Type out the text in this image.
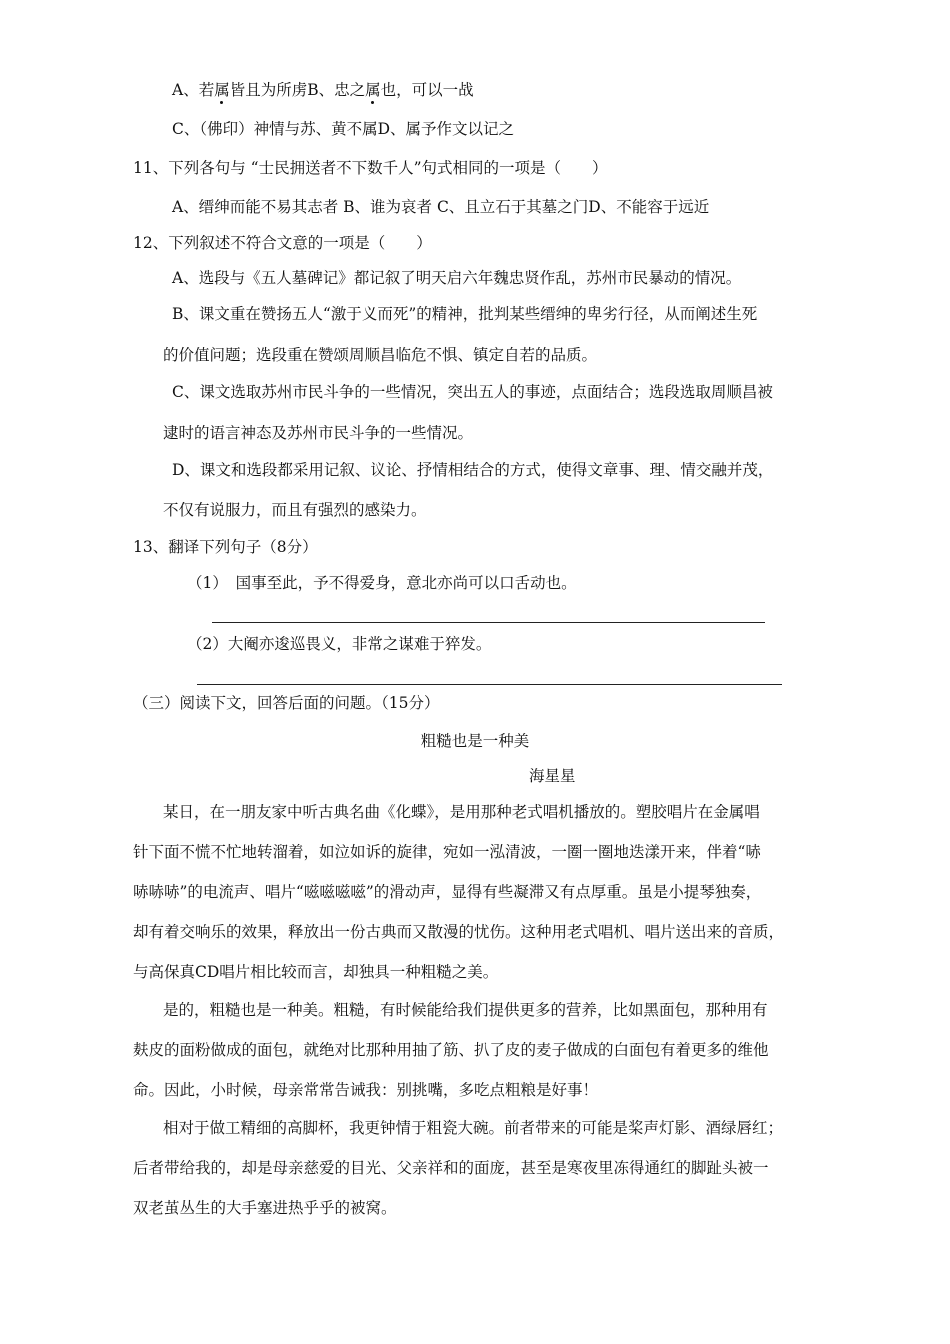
A、若属皆且为所虏B、忠之属也，可以一战
C、（佛印）神情与苏、黄不属D、属予作文以记之
11、下列各句与 “士民拥送者不下数千人”句式相同的一项是（　　）
A、缙绅而能不易其志者 B、谁为哀者 C、且立石于其墓之门D、不能容于远近
12、下列叙述不符合文意的一项是（　　）
A、选段与《五人墓碑记》都记叙了明天启六年魏忠贤作乱，苏州市民暴动的情况。
B、课文重在赞扬五人“激于义而死”的精神，批判某些缙绅的卑劣行径，从而阐述生死
的价值问题；选段重在赞颂周顺昌临危不惧、镇定自若的品质。
C、课文选取苏州市民斗争的一些情况，突出五人的事迹，点面结合；选段选取周顺昌被
逮时的语言神态及苏州市民斗争的一些情况。
D、课文和选段都采用记叙、议论、抒情相结合的方式，使得文章事、理、情交融并茂，
不仅有说服力，而且有强烈的感染力。
13、翻译下列句子（8分）
（1）　国事至此，予不得爱身，意北亦尚可以口舌动也。
（2）大阉亦逡巡畏义，非常之谋难于猝发。
（三）阅读下文，回答后面的问题。（15分）
粗糙也是一种美
海星星
某日，在一朋友家中听古典名曲《化蝶》，是用那种老式唱机播放的。塑胶唱片在金属唱
针下面不慌不忙地转溜着，如泣如诉的旋律，宛如一泓清波，一圈一圈地迭漾开来，伴着“哧
哧哧哧”的电流声、唱片“嗞嗞嗞嗞”的滑动声，显得有些凝滞又有点厚重。虽是小提琴独奏，
却有着交响乐的效果，释放出一份古典而又散漫的忧伤。这种用老式唱机、唱片送出来的音质，
与高保真CD唱片相比较而言，却独具一种粗糙之美。
是的，粗糙也是一种美。粗糙，有时候能给我们提供更多的营养，比如黑面包，那种用有
麸皮的面粉做成的面包，就绝对比那种用抽了筋、扒了皮的麦子做成的白面包有着更多的维他
命。因此，小时候，母亲常常告诫我：别挑嘴，多吃点粗粮是好事！
相对于做工精细的高脚杯，我更钟情于粗瓷大碗。前者带来的可能是桨声灯影、酒绿唇红；
后者带给我的，却是母亲慈爱的目光、父亲祥和的面庞，甚至是寒夜里冻得通红的脚趾头被一
双老茧丛生的大手塞进热乎乎的被窝。
